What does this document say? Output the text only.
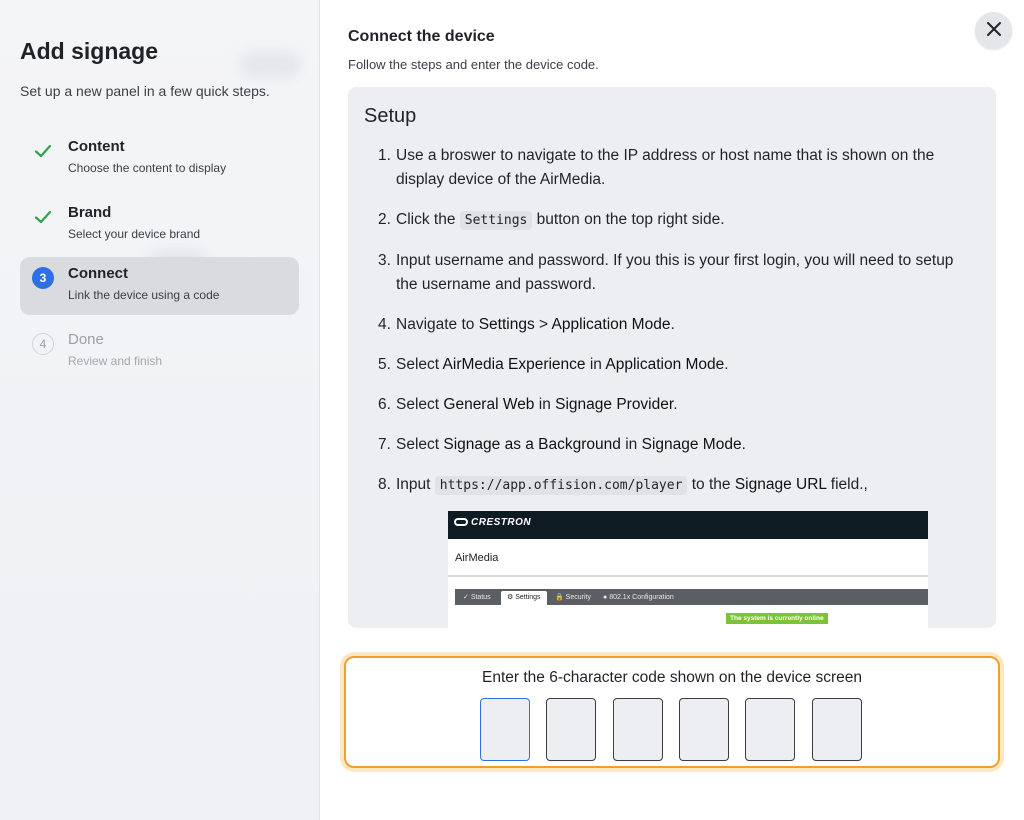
Add signage
Set up a new panel in a few quick steps.
Content
Choose the content to display
Brand
Select your device brand
3	Connect
Link the device using a code
4	Done
Review and finish
Connect the device
Follow the steps and enter the device code.
Setup
1. Use a broswer to navigate to the IP address or host name that is shown on the display device of the AirMedia.
2. Click the Settings button on the top right side.
3. Input username and password. If you this is your first login, you will need to setup the username and password.
4. Navigate to Settings > Application Mode.
5. Select AirMedia Experience in Application Mode.
6. Select General Web in Signage Provider.
7. Select Signage as a Background in Signage Mode.
8. Input https://app.offision.com/player to the Signage URL field.,
CRESTRON
AirMedia
✓ Status	⚙ Settings	🔒 Security ● 802.1x Configuration
The system is currently online
Enter the 6-character code shown on the device screen
